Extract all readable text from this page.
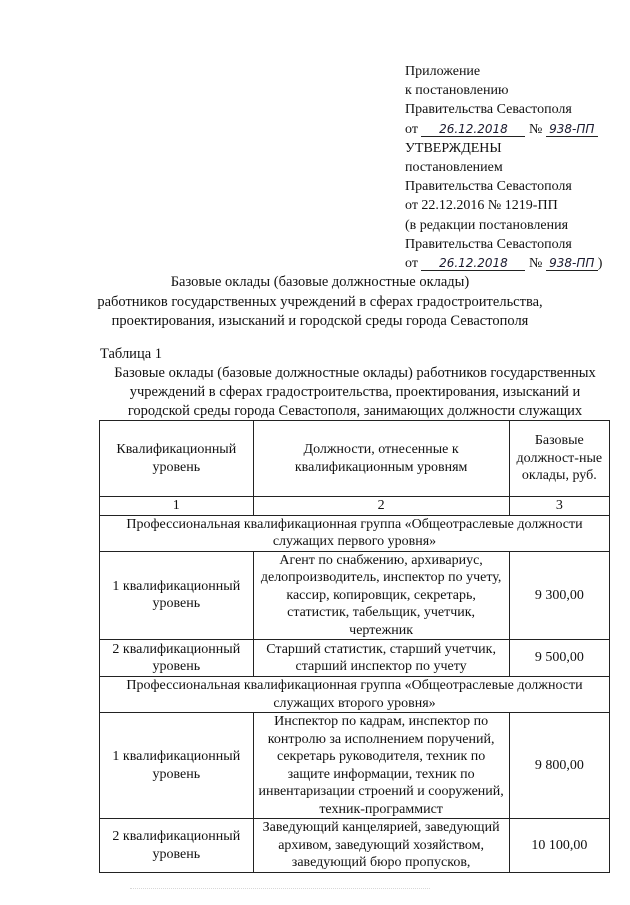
Приложение
к постановлению
Правительства Севастополя
от 26.12.2018 № 938-ПП
УТВЕРЖДЕНЫ
постановлением
Правительства Севастополя
от 22.12.2016 № 1219-ПП
(в редакции постановления
Правительства Севастополя
от 26.12.2018 № 938-ПП )
Базовые оклады (базовые должностные оклады)
работников государственных учреждений в сферах градостроительства,
проектирования, изысканий и городской среды города Севастополя
Таблица 1
Базовые оклады (базовые должностные оклады) работников государственных
учреждений в сферах градостроительства, проектирования, изысканий и
городской среды города Севастополя, занимающих должности служащих
Квалификационный уровень	Должности, отнесенные к квалификационным уровням	Базовые должност-ные оклады, руб.
1	2	3
Профессиональная квалификационная группа «Общеотраслевые должности служащих первого уровня»		
1 квалификационный уровень	Агент по снабжению, архивариус, делопроизводитель, инспектор по учету, кассир, копировщик, секретарь, статистик, табельщик, учетчик, чертежник	9 300,00
2 квалификационный уровень	Старший статистик, старший учетчик, старший инспектор по учету	9 500,00
Профессиональная квалификационная группа «Общеотраслевые должности служащих второго уровня»		
1 квалификационный уровень	Инспектор по кадрам, инспектор по контролю за исполнением поручений, секретарь руководителя, техник по защите информации, техник по инвентаризации строений и сооружений, техник-программист	9 800,00
2 квалификационный уровень	Заведующий канцелярией, заведующий архивом, заведующий хозяйством, заведующий бюро пропусков,	10 100,00
